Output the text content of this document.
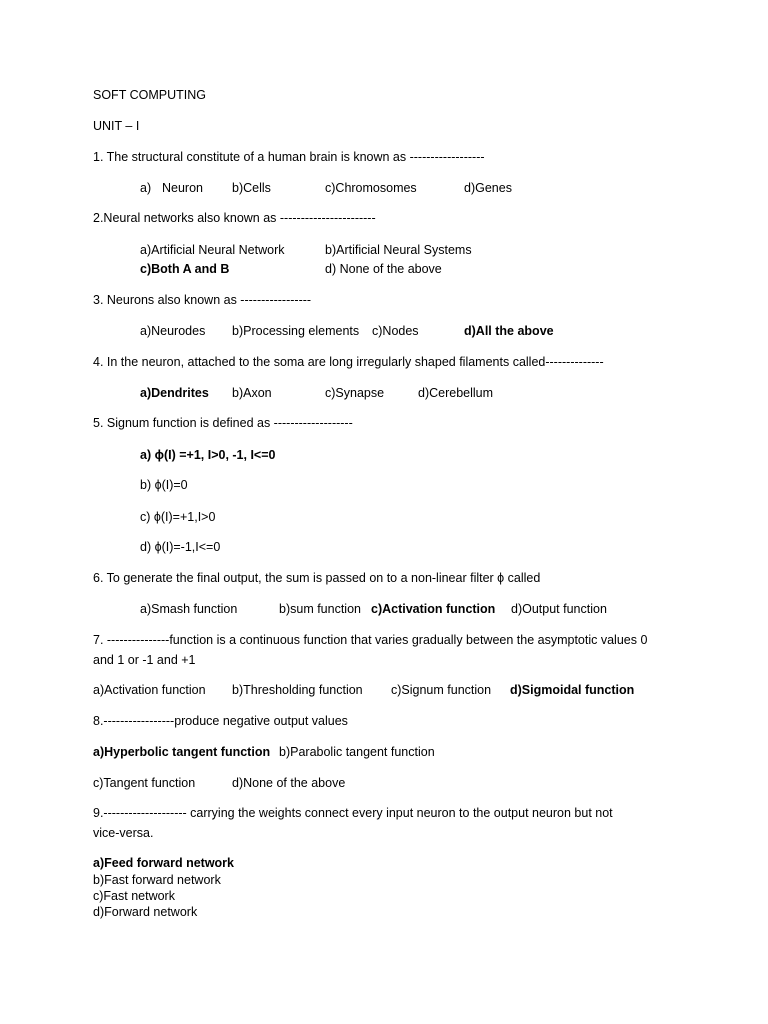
SOFT COMPUTING
UNIT – I
1. The structural constitute of a human brain is known as ------------------
a) Neuron b)Cells	c)Chromosomes	d)Genes
2.Neural networks also known as -----------------------
a)Artificial Neural Network	b)Artificial Neural Systems
c)Both A and B	d) None of the above
3. Neurons also known as -----------------
a)Neurodes b)Processing elements c)Nodes	d)All the above
4. In the neuron, attached to the soma are long irregularly shaped filaments called--------------
a)Dendrites b)Axon	c)Synapse	d)Cerebellum
5. Signum function is defined as -------------------
a) ϕ(I) =+1, I>0, -1, I<=0
b) ϕ(I)=0
c) ϕ(I)=+1,I>0
d) ϕ(I)=-1,I<=0
6. To generate the final output, the sum is passed on to a non-linear filter ϕ called
a)Smash function	b)sum function c)Activation function d)Output function
7. ---------------function is a continuous function that varies gradually between the asymptotic values 0
and 1 or -1 and +1
a)Activation function b)Thresholding function c)Signum function d)Sigmoidal function
8.-----------------produce negative output values
a)Hyperbolic tangent function b)Parabolic tangent function
c)Tangent function	d)None of the above
9.-------------------- carrying the weights connect every input neuron to the output neuron but not
vice-versa.
a)Feed forward network
b)Fast forward network
c)Fast network
d)Forward network
